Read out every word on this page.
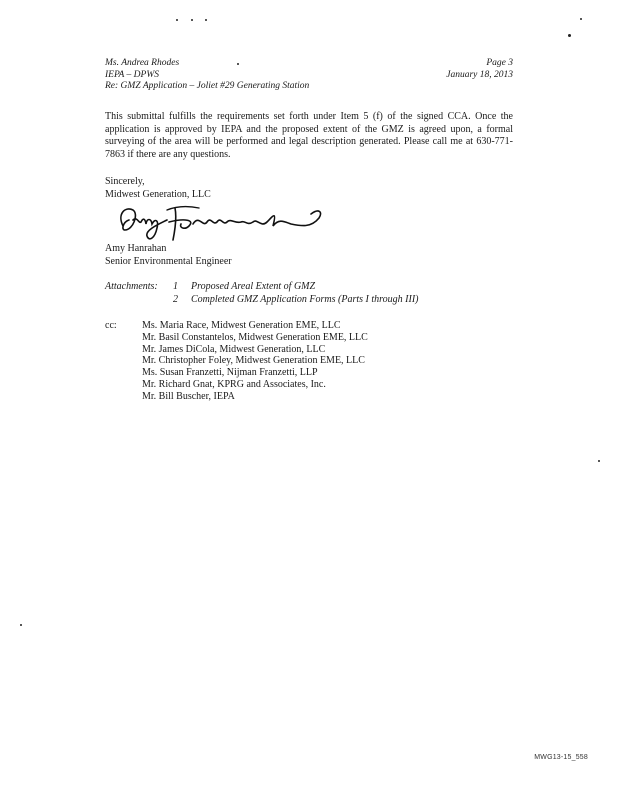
Ms. Andrea Rhodes
IEPA – DPWS
Re: GMZ Application – Joliet #29 Generating Station
Page 3
January 18, 2013

This submittal fulfills the requirements set forth under Item 5 (f) of the signed CCA. Once the application is approved by IEPA and the proposed extent of the GMZ is agreed upon, a formal surveying of the area will be performed and legal description generated. Please call me at 630-771-7863 if there are any questions.

Sincerely,
Midwest Generation, LLC
Amy Hanrahan
Senior Environmental Engineer
Attachments: 1 Proposed Areal Extent of GMZ
2 Completed GMZ Application Forms (Parts I through III)
cc:	Ms. Maria Race, Midwest Generation EME, LLC
Mr. Basil Constantelos, Midwest Generation EME, LLC
Mr. James DiCola, Midwest Generation, LLC
Mr. Christopher Foley, Midwest Generation EME, LLC
Ms. Susan Franzetti, Nijman Franzetti, LLP
Mr. Richard Gnat, KPRG and Associates, Inc.
Mr. Bill Buscher, IEPA
MWG13-15_558
